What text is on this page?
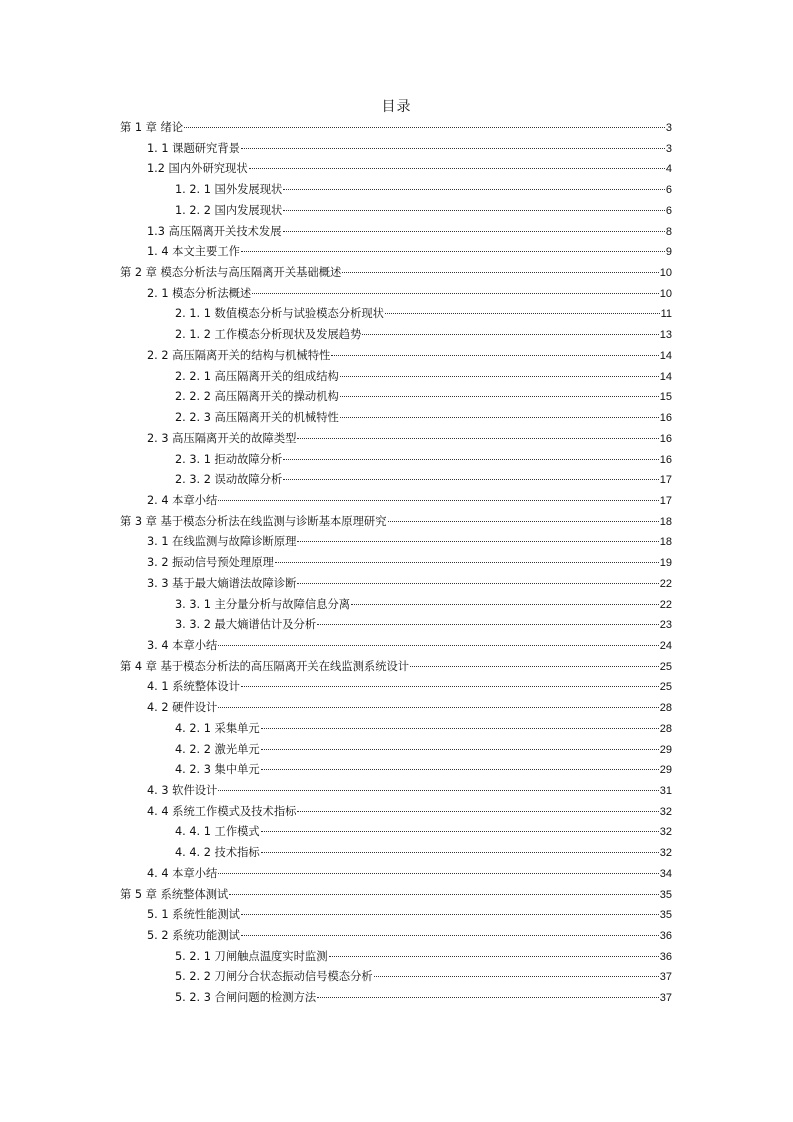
目录
第 1 章 绪论	3
1. 1 课题研究背景	3
1.2 国内外研究现状	4
1. 2. 1 国外发展现状	6
1. 2. 2 国内发展现状	6
1.3 高压隔离开关技术发展	8
1. 4 本文主要工作	9
第 2 章 模态分析法与高压隔离开关基础概述	10
2. 1 模态分析法概述	10
2. 1. 1 数值模态分析与试验模态分析现状	11
2. 1. 2 工作模态分析现状及发展趋势	13
2. 2 高压隔离开关的结构与机械特性	14
2. 2. 1 高压隔离开关的组成结构	14
2. 2. 2 高压隔离开关的操动机构	15
2. 2. 3 高压隔离开关的机械特性	16
2. 3 高压隔离开关的故障类型	16
2. 3. 1 拒动故障分析	16
2. 3. 2 误动故障分析	17
2. 4 本章小结	17
第 3 章 基于模态分析法在线监测与诊断基本原理研究	18
3. 1 在线监测与故障诊断原理	18
3. 2 振动信号预处理原理	19
3. 3 基于最大熵谱法故障诊断	22
3. 3. 1 主分量分析与故障信息分离	22
3. 3. 2 最大熵谱估计及分析	23
3. 4 本章小结	24
第 4 章 基于模态分析法的高压隔离开关在线监测系统设计	25
4. 1 系统整体设计	25
4. 2 硬件设计	28
4. 2. 1 采集单元	28
4. 2. 2 激光单元	29
4. 2. 3 集中单元	29
4. 3 软件设计	31
4. 4 系统工作模式及技术指标	32
4. 4. 1 工作模式	32
4. 4. 2 技术指标	32
4. 4 本章小结	34
第 5 章 系统整体测试	35
5. 1 系统性能测试	35
5. 2 系统功能测试	36
5. 2. 1 刀闸触点温度实时监测	36
5. 2. 2 刀闸分合状态振动信号模态分析	37
5. 2. 3 合闸问题的检测方法	37
